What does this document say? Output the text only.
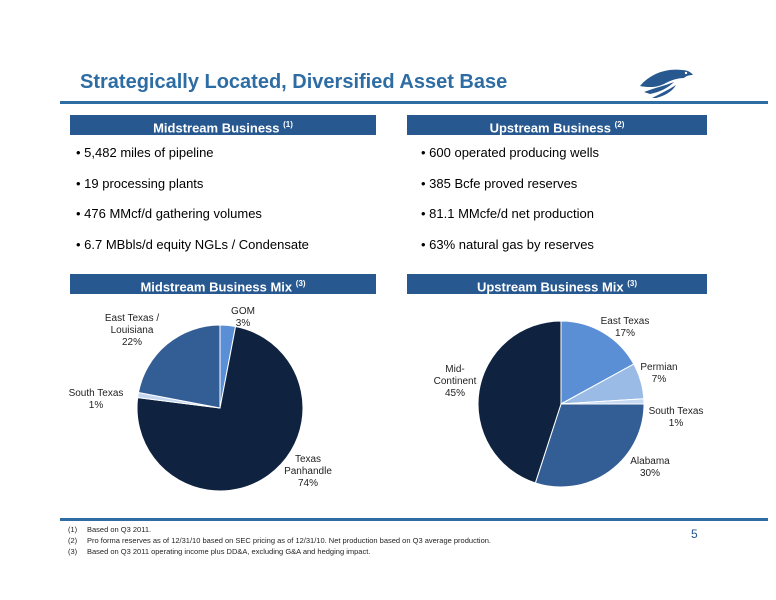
Strategically Located, Diversified Asset Base
Midstream Business $^{(1)}$	Upstream Business $^{(2)}$
• 5,482 miles of pipeline
• 19 processing plants
• 476 MMcf/d gathering volumes
• 6.7 MBbls/d equity NGLs / Condensate
• 600 operated producing wells
• 385 Bcfe proved reserves
• 81.1 MMcfe/d net production
• 63% natural gas by reserves
Midstream Business Mix $^{(3)}$	Upstream Business Mix $^{(3)}$
GOM 3%
Texas Panhandle 74%
South Texas 1%
East Texas / Louisiana 22%
East Texas 17%
Permian 7%
South Texas 1%
Alabama 30%
Mid-Continent 45%
(1) Based on Q3 2011.
(2) Pro forma reserves as of 12/31/10 based on SEC pricing as of 12/31/10. Net production based on Q3 average production.
(3) Based on Q3 2011 operating income plus DD&A, excluding G&A and hedging impact.
5
